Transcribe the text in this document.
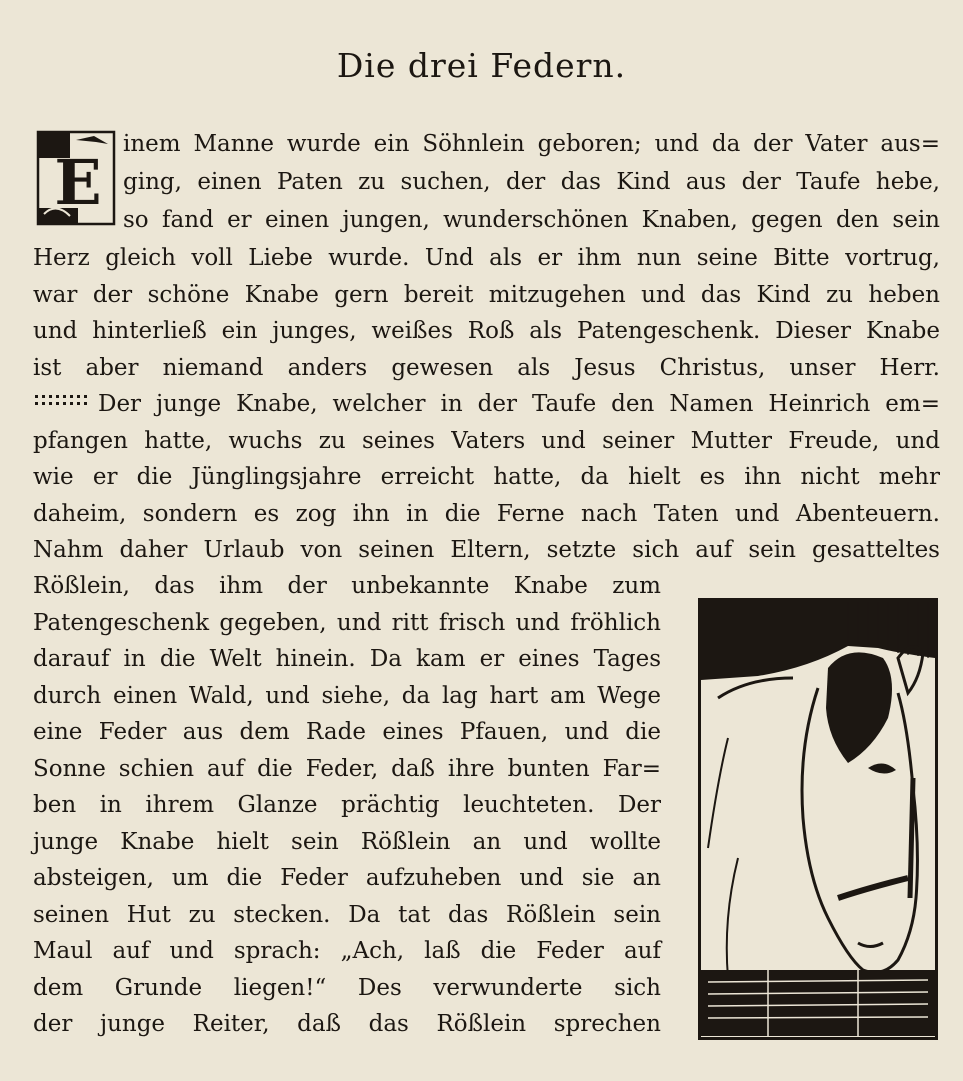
Die drei Federn.
E
inem Manne wurde ein Söhnlein geboren; und da der Vater aus=
ging, einen Paten zu suchen, der das Kind aus der Taufe hebe,
so fand er einen jungen, wunderschönen Knaben, gegen den sein
Herz gleich voll Liebe wurde. Und als er ihm nun seine Bitte vortrug,
war der schöne Knabe gern bereit mitzugehen und das Kind zu heben
und hinterließ ein junges, weißes Roß als Patengeschenk. Dieser Knabe
ist aber niemand anders gewesen als Jesus Christus, unser Herr.
Der junge Knabe, welcher in der Taufe den Namen Heinrich em=
pfangen hatte, wuchs zu seines Vaters und seiner Mutter Freude, und
wie er die Jünglingsjahre erreicht hatte, da hielt es ihn nicht mehr
daheim, sondern es zog ihn in die Ferne nach Taten und Abenteuern.
Nahm daher Urlaub von seinen Eltern, setzte sich auf sein gesatteltes
Rößlein, das ihm der unbekannte Knabe zum
Patengeschenk gegeben, und ritt frisch und fröhlich
darauf in die Welt hinein. Da kam er eines Tages
durch einen Wald, und siehe, da lag hart am Wege
eine Feder aus dem Rade eines Pfauen, und die
Sonne schien auf die Feder, daß ihre bunten Far=
ben in ihrem Glanze prächtig leuchteten. Der
junge Knabe hielt sein Rößlein an und wollte
absteigen, um die Feder aufzuheben und sie an
seinen Hut zu stecken. Da tat das Rößlein sein
Maul auf und sprach: „Ach, laß die Feder auf
dem Grunde liegen!“ Des verwunderte sich
der junge Reiter, daß das Rößlein sprechen
